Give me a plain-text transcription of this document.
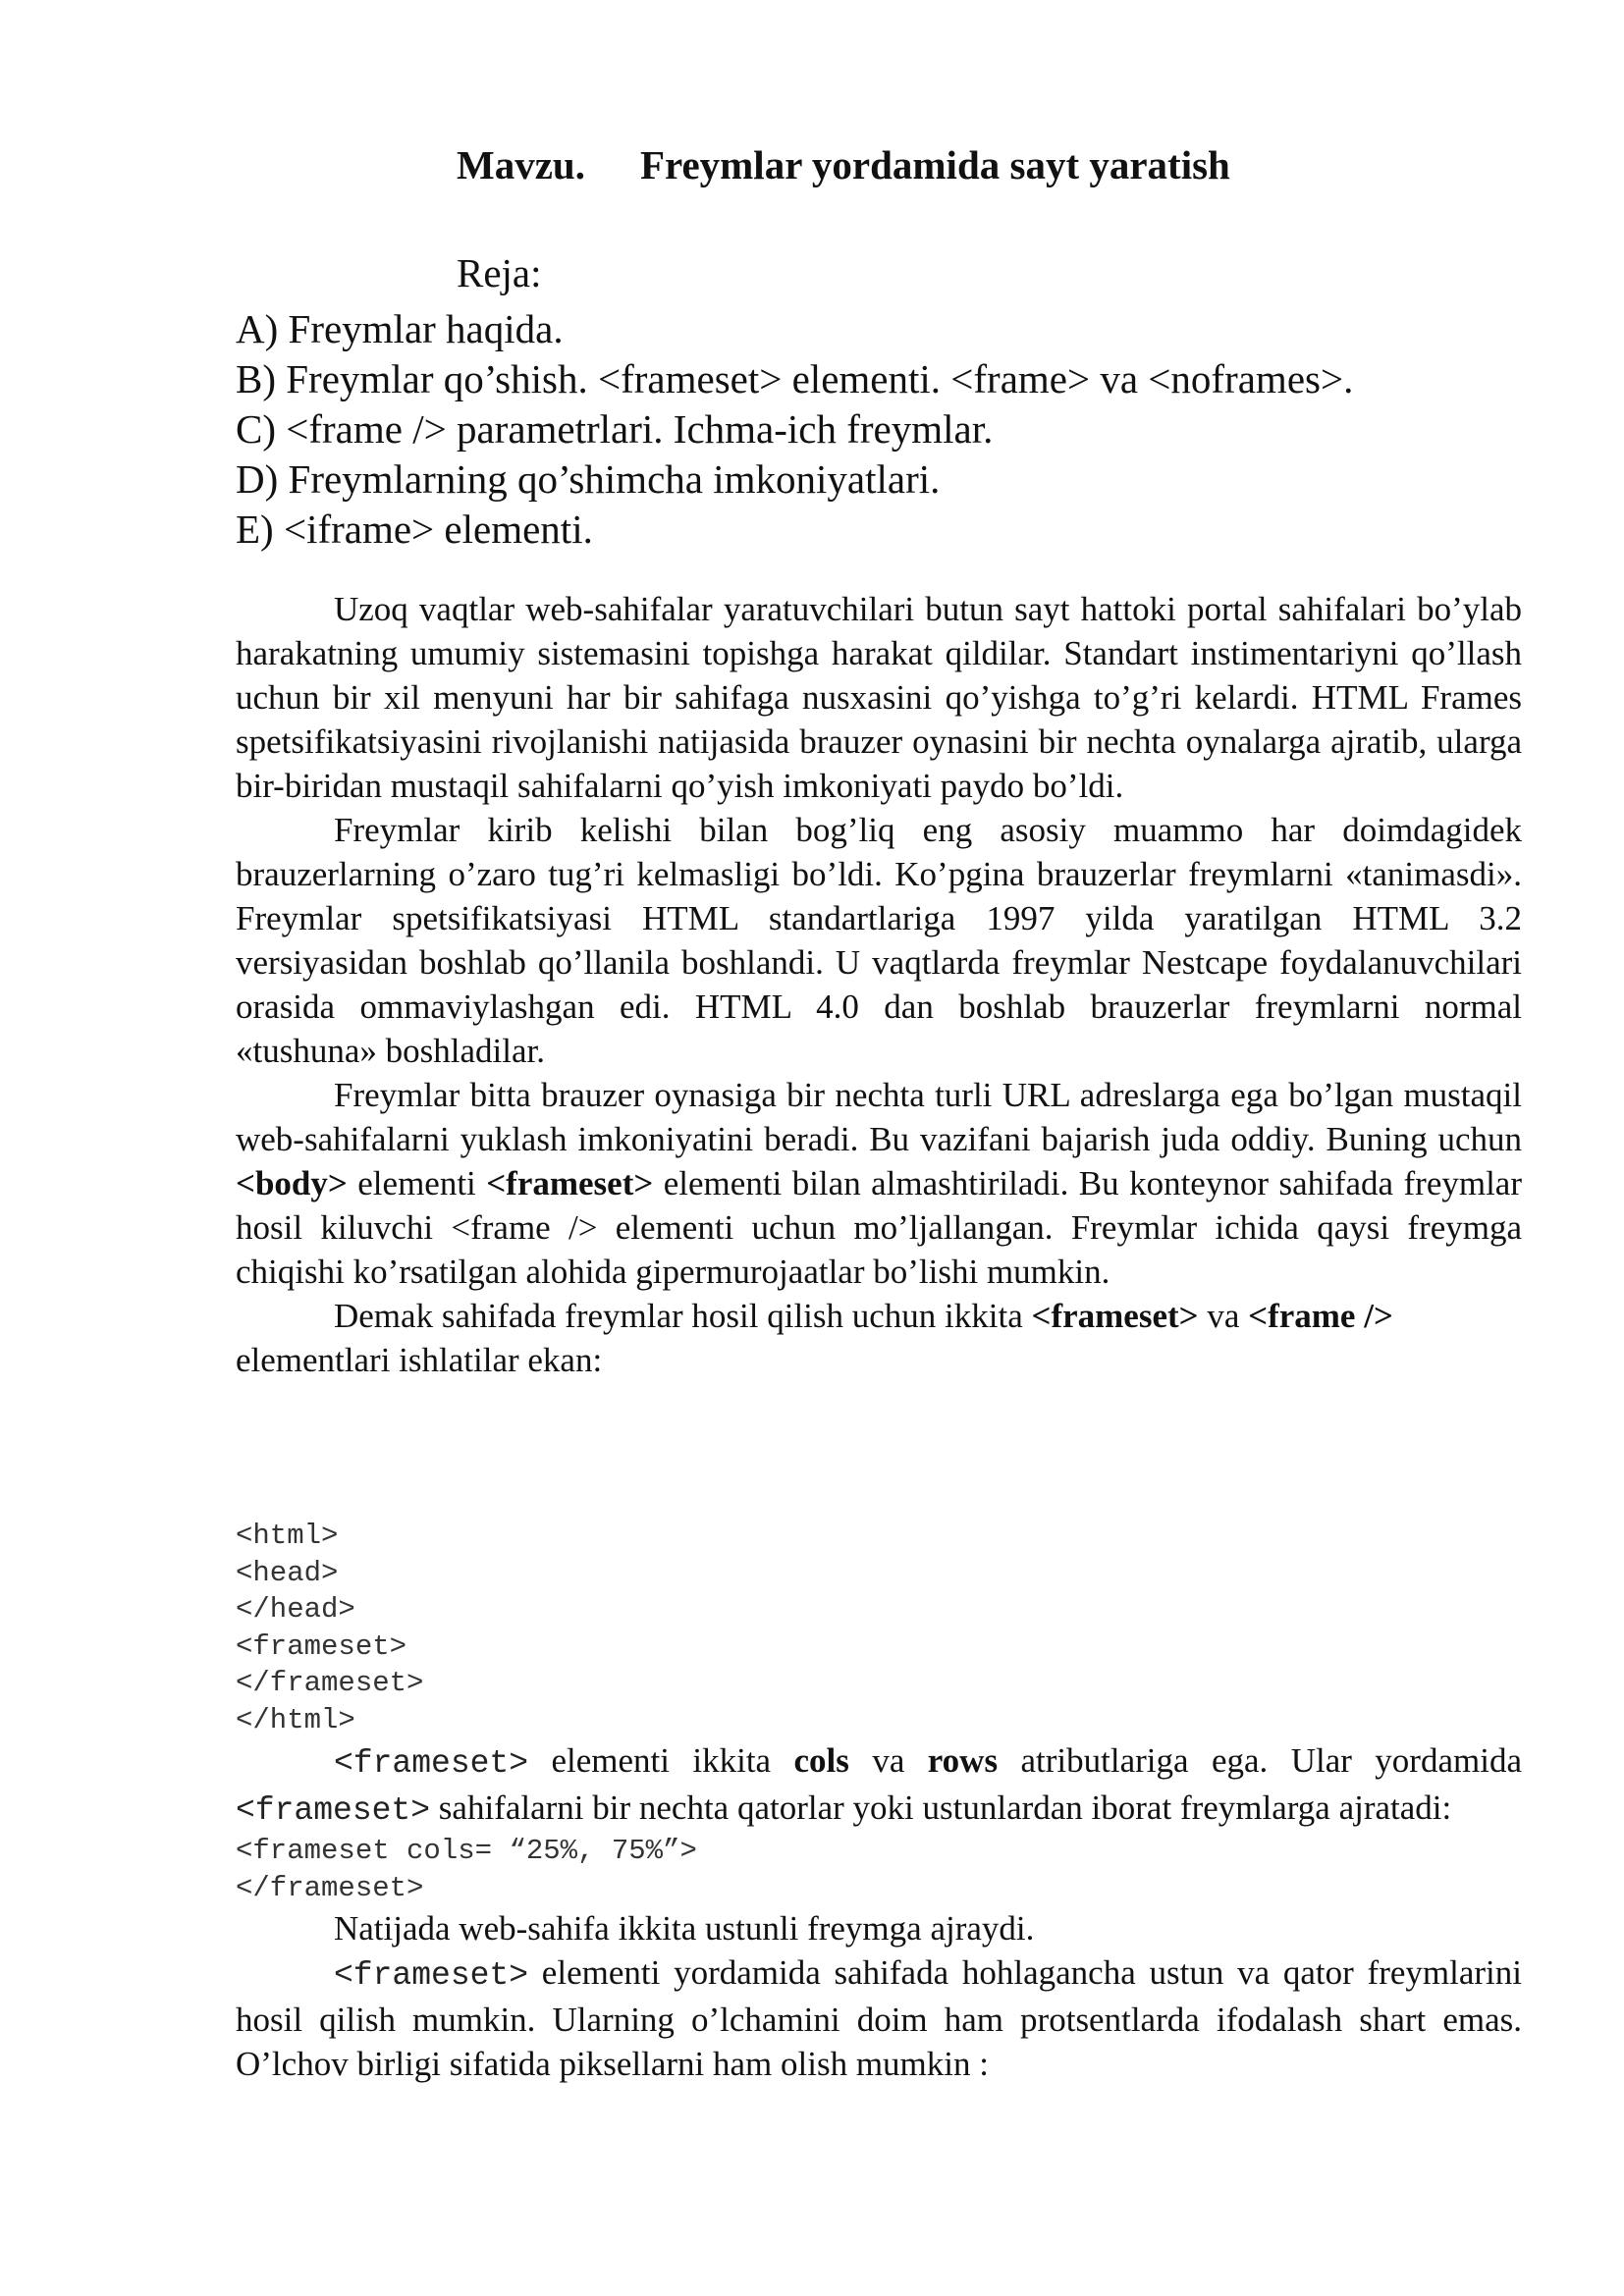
Mavzu. Freymlar yordamida sayt yaratish
Reja:
A) Freymlar haqida.
B) Freymlar qo’shish. <frameset> elementi. <frame> va <noframes>.
C) <frame /> parametrlari. Ichma-ich freymlar.
D) Freymlarning qo’shimcha imkoniyatlari.
E) <iframe> elementi.

Uzoq vaqtlar web-sahifalar yaratuvchilari butun sayt hattoki portal sahifalari bo’ylab harakatning umumiy sistemasini topishga harakat qildilar. Standart instimentariyni qo’llash uchun bir xil menyuni har bir sahifaga nusxasini qo’yishga to’g’ri kelardi. HTML Frames spetsifikatsiyasini rivojlanishi natijasida brauzer oynasini bir nechta oynalarga ajratib, ularga bir-biridan mustaqil sahifalarni qo’yish imkoniyati paydo bo’ldi.

Freymlar kirib kelishi bilan bog’liq eng asosiy muammo har doimdagidek brauzerlarning o’zaro tug’ri kelmasligi bo’ldi. Ko’pgina brauzerlar freymlarni «tanimasdi». Freymlar spetsifikatsiyasi HTML standartlariga 1997 yilda yaratilgan HTML 3.2 versiyasidan boshlab qo’llanila boshlandi. U vaqtlarda freymlar Nestcape foydalanuvchilari orasida ommaviylashgan edi. HTML 4.0 dan boshlab brauzerlar freymlarni normal «tushuna» boshladilar.

Freymlar bitta brauzer oynasiga bir nechta turli URL adreslarga ega bo’lgan mustaqil web-sahifalarni yuklash imkoniyatini beradi. Bu vazifani bajarish juda oddiy. Buning uchun <body> elementi <frameset> elementi bilan almashtiriladi. Bu konteynor sahifada freymlar hosil kiluvchi <frame /> elementi uchun mo’ljallangan. Freymlar ichida qaysi freymga chiqishi ko’rsatilgan alohida gipermurojaatlar bo’lishi mumkin.

Demak sahifada freymlar hosil qilish uchun ikkita <frameset> va <frame />
elementlari ishlatilar ekan:

<html>
<head>
</head>
<frameset>
</frameset>
</html>

<frameset> elementi ikkita cols va rows atributlariga ega. Ular yordamida <frameset> sahifalarni bir nechta qatorlar yoki ustunlardan iborat freymlarga ajratadi:

<frameset cols= “25%, 75%”>
</frameset>

Natijada web-sahifa ikkita ustunli freymga ajraydi.

<frameset> elementi yordamida sahifada hohlagancha ustun va qator freymlarini hosil qilish mumkin. Ularning o’lchamini doim ham protsentlarda ifodalash shart emas. O’lchov birligi sifatida piksellarni ham olish mumkin :
